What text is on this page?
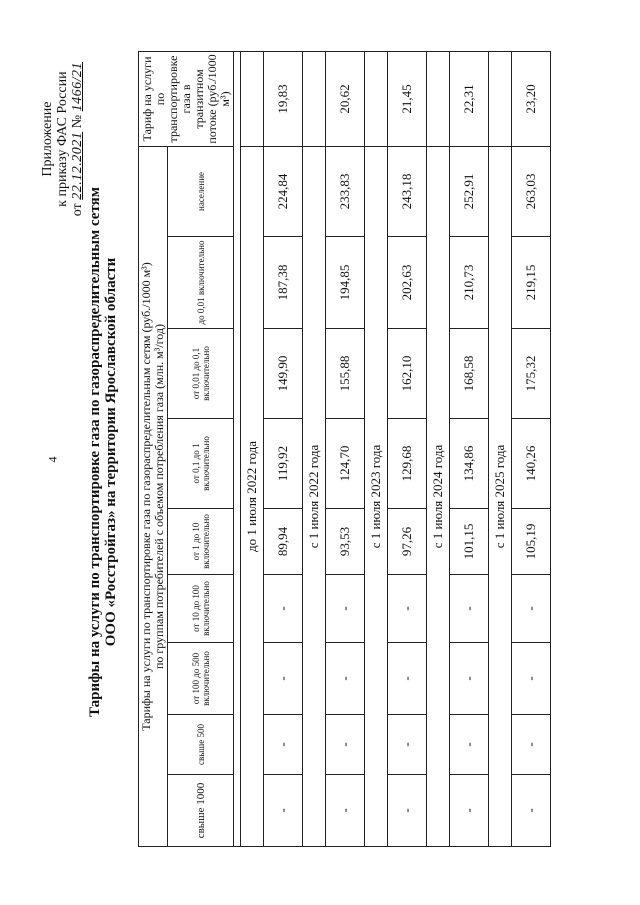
4
Приложение к приказу ФАС России
от 22.12.2021 № 1466/21
Тарифы на услуги по транспортировке газа по газораспределительным сетям ООО «Росстройгаз» на территории Ярославской области Тарифы на услуги по транспортировке газа по газораспределительным сетям (руб./1000 м³) по группам потребителей с объемом потребления газа (млн. м³/год)									Тариф на услуги по транспортировке газа в транзитном потоке (руб./1000 м³)
свыше 1000	свыше 500	от 100 до 500 включительно	от 10 до 100 включительно	от 1 до 10 включительно	от 0,1 до 1 включительно	от 0,01 до 0,1 включительно	до 0,01 включительно	население	

до 1 июля 2022 года									
-	-	-	-	89,94	119,92	149,90	187,38	224,84	19,83
с 1 июля 2022 года									
-	-	-	-	93,53	124,70	155,88	194,85	233,83	20,62
с 1 июля 2023 года									
-	-	-	-	97,26	129,68	162,10	202,63	243,18	21,45
с 1 июля 2024 года									
-	-	-	-	101,15	134,86	168,58	210,73	252,91	22,31
с 1 июля 2025 года									
-	-	-	-	105,19	140,26	175,32	219,15	263,03	23,20
